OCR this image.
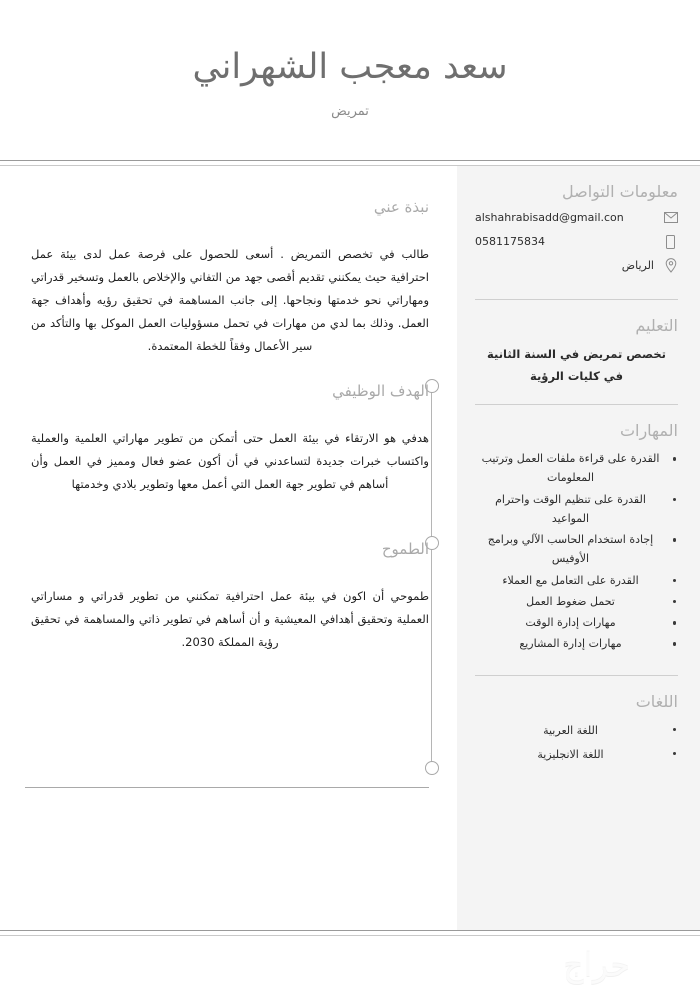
سعد معجب الشهراني
تمريض
معلومات التواصل
alshahrabisadd@gmail.con
0581175834
الرياض
التعليم
تخصص تمريض في السنة الثانية
في كليات الرؤية
المهارات
القدرة على قراءة ملفات العمل وترتيب المعلومات
القدرة على تنظيم الوقت واحترام المواعيد
إجادة استخدام الحاسب الآلي وبرامج الأوفيس
القدرة على التعامل مع العملاء
تحمل ضغوط العمل
مهارات إدارة الوقت
مهارات إدارة المشاريع
اللغات
اللغة العربية
اللغة الانجليزية
نبذة عني

طالب في تخصص التمريض . أسعى للحصول على فرصة عمل لدى بيئة عمل احترافية حيث يمكنني تقديم أقصى جهد من التفاني والإخلاص بالعمل وتسخير قدراتي ومهاراتي نحو خدمتها ونجاحها. إلى جانب المساهمة في تحقيق رؤيه وأهداف جهة العمل. وذلك بما لدي من مهارات في تحمل مسؤوليات العمل الموكل بها والتأكد من سير الأعمال وفقاً للخطة المعتمدة.

الهدف الوظيفي

هدفي هو الارتقاء في بيئة العمل حتى أتمكن من تطوير مهاراتي العلمية والعملية واكتساب خبرات جديدة لتساعدني في أن أكون عضو فعال ومميز في العمل وأن أساهم في تطوير جهة العمل التي أعمل معها وتطوير بلادي وخدمتها

الطموح

طموحي أن اكون في بيئة عمل احترافية تمكنني من تطوير قدراتي و مساراتي العملية وتحقيق أهدافي المعيشية و أن أساهم في تطوير ذاتي والمساهمة في تحقيق رؤية المملكة 2030.

حراج
